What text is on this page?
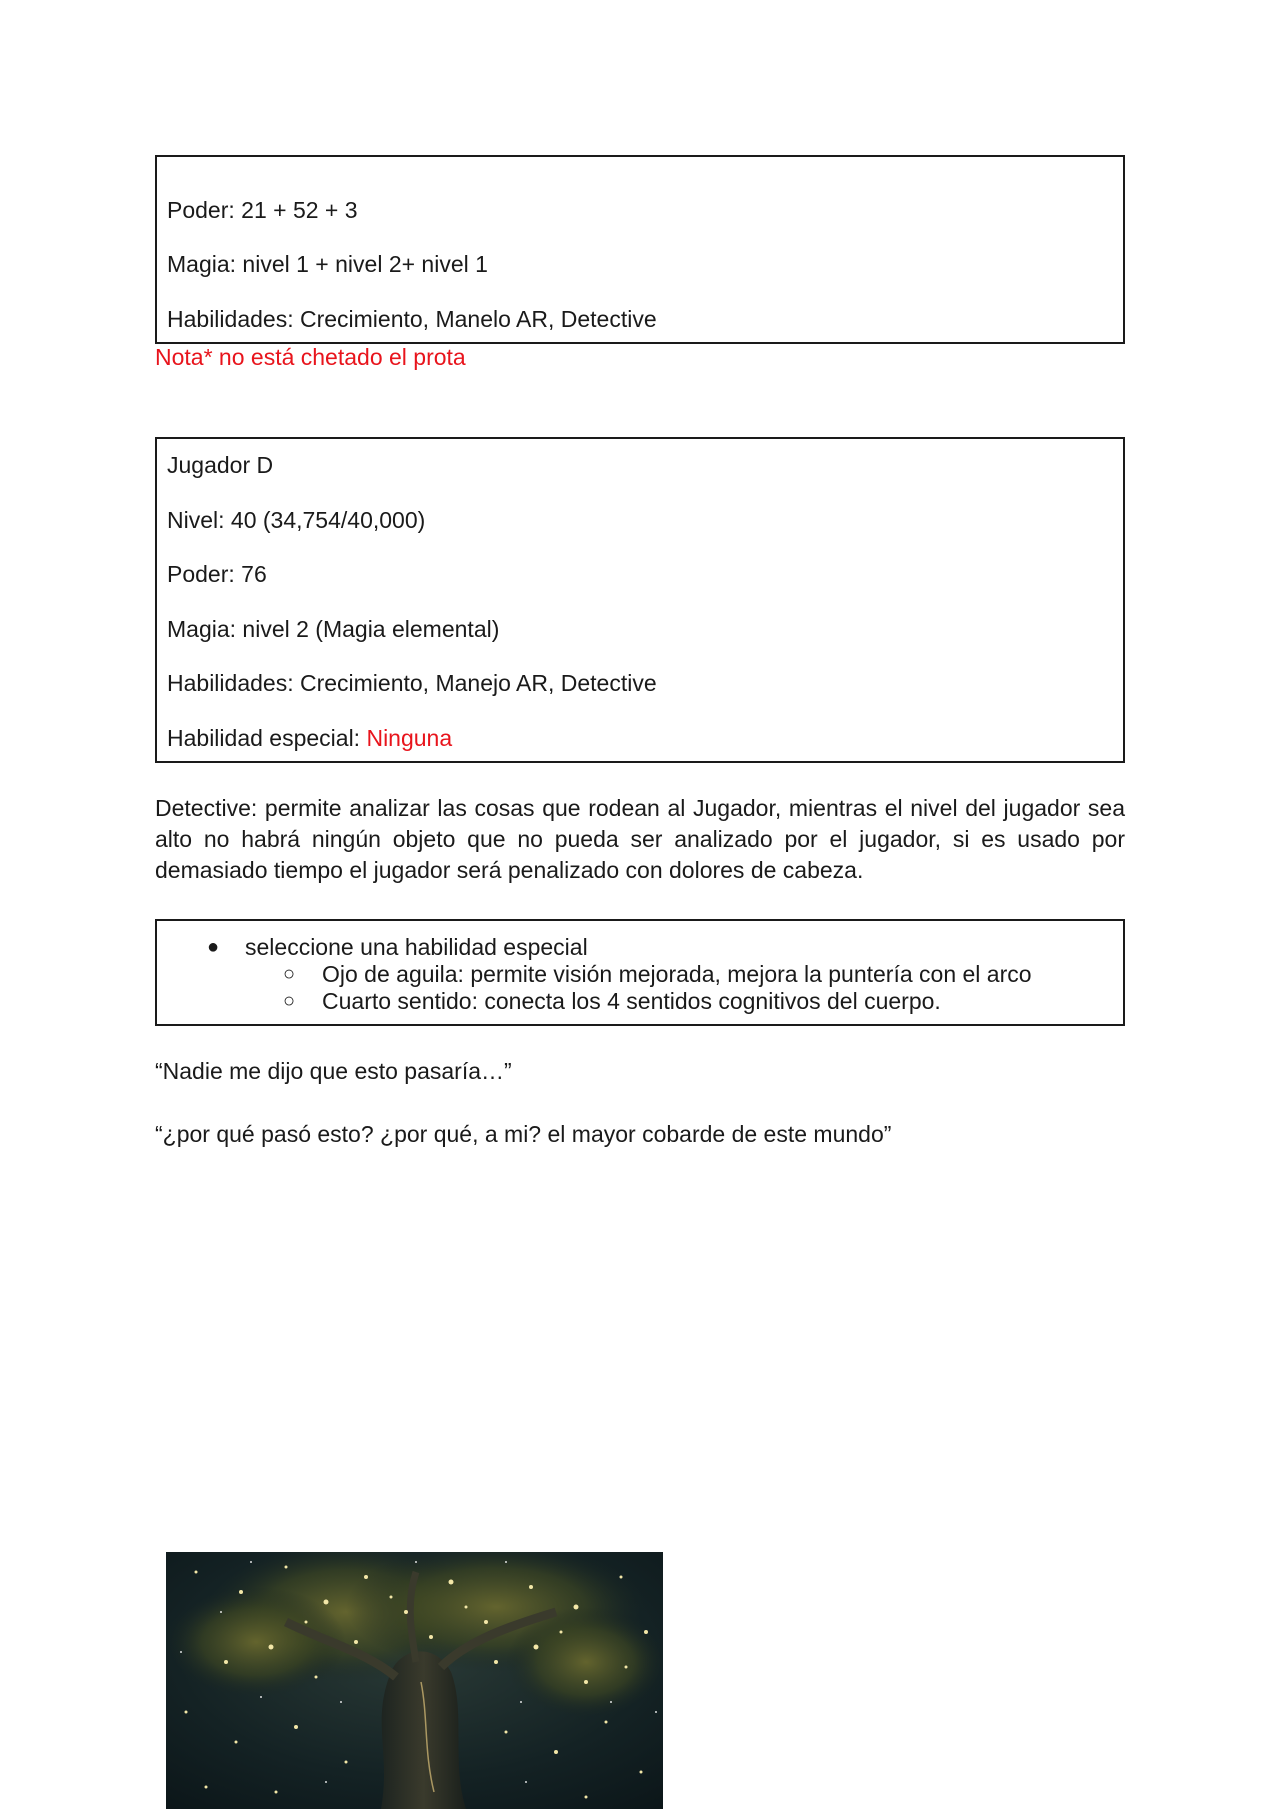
Poder: 21 + 52 + 3
Magia: nivel 1 + nivel 2+ nivel 1
Habilidades: Crecimiento, Manelo AR, Detective
Nota* no está chetado el prota
Jugador D
Nivel: 40 (34,754/40,000)
Poder: 76
Magia: nivel 2 (Magia elemental)
Habilidades: Crecimiento, Manejo AR, Detective
Habilidad especial: Ninguna
Detective: permite analizar las cosas que rodean al Jugador, mientras el nivel del jugador sea alto no habrá ningún objeto que no pueda ser analizado por el jugador, si es usado por demasiado tiempo el jugador será penalizado con dolores de cabeza.
● seleccione una habilidad especial
○ Ojo de aguila: permite visión mejorada, mejora la puntería con el arco
○ Cuarto sentido: conecta los 4 sentidos cognitivos del cuerpo.
“Nadie me dijo que esto pasaría…”
“¿por qué pasó esto? ¿por qué, a mi? el mayor cobarde de este mundo”
